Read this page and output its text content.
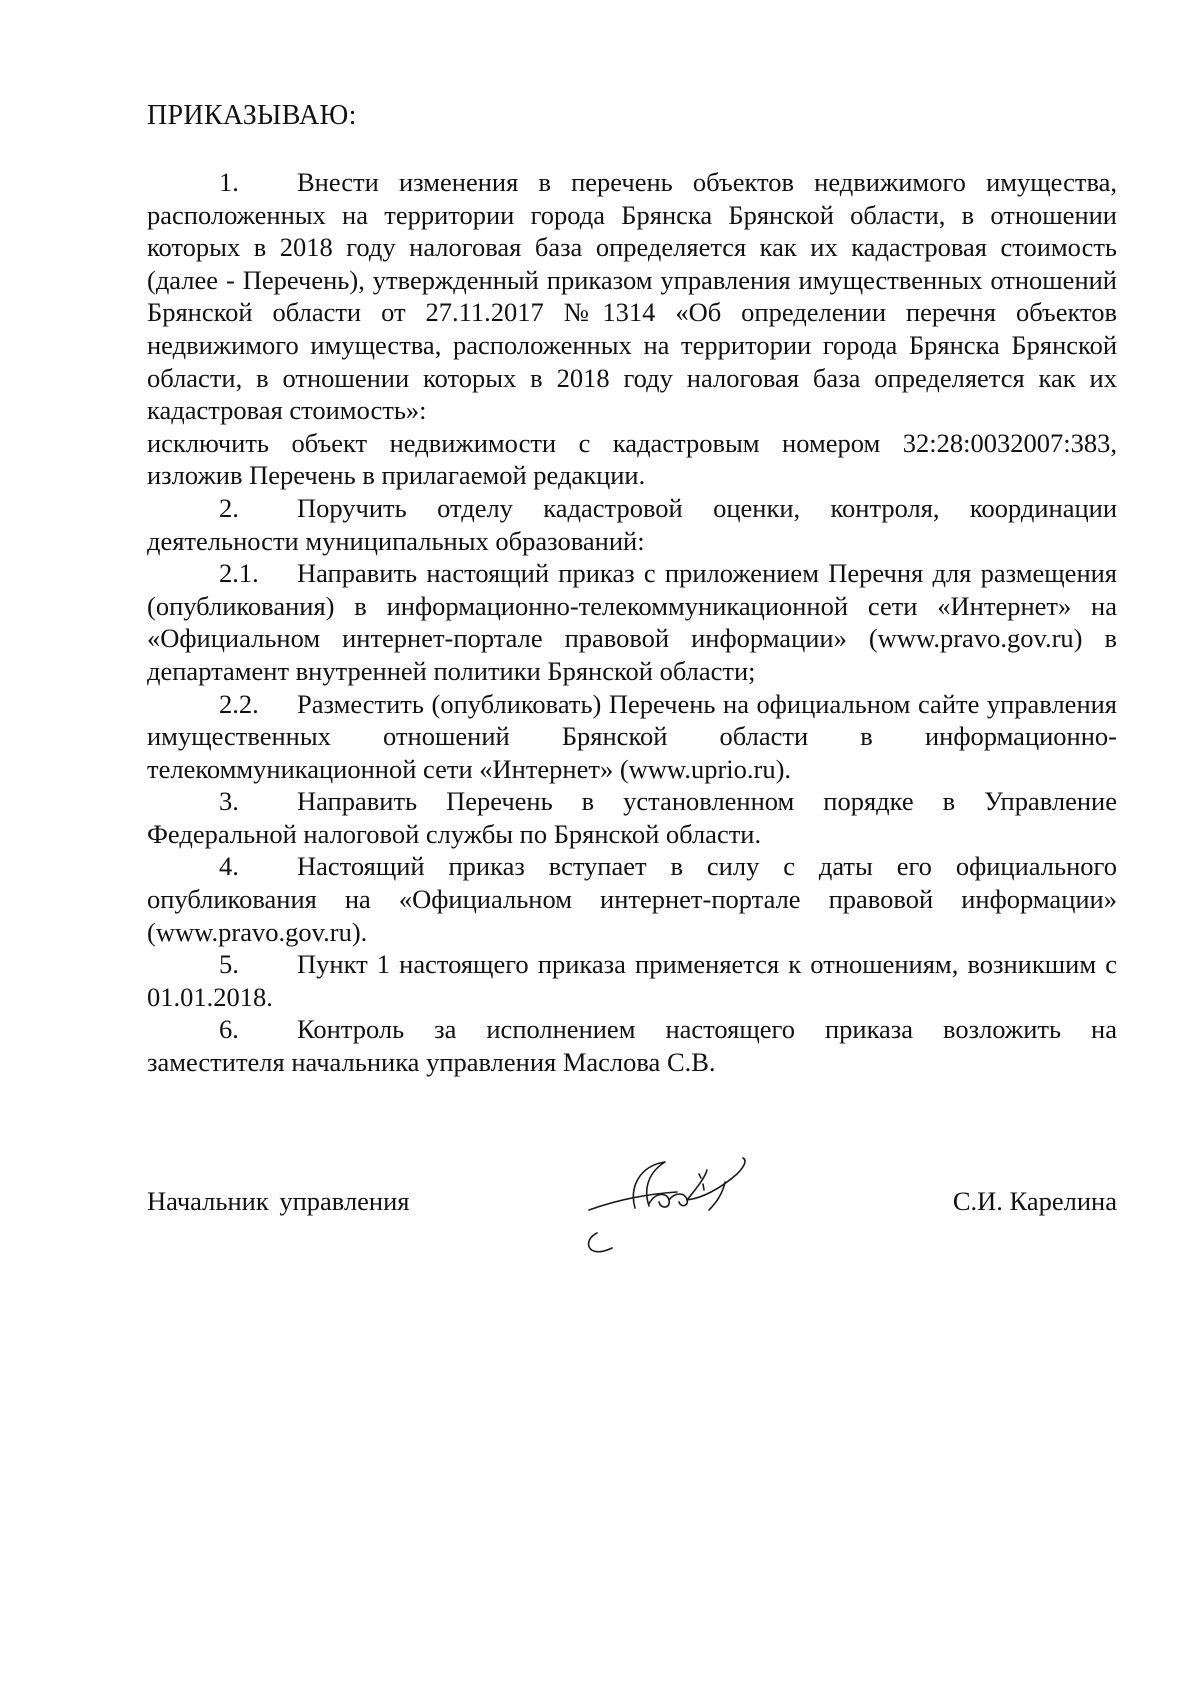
ПРИКАЗЫВАЮ:

1. Внести изменения в перечень объектов недвижимого имущества, расположенных на территории города Брянска Брянской области, в отношении которых в 2018 году налоговая база определяется как их кадастровая стоимость (далее - Перечень), утвержденный приказом управления имущественных отношений Брянской области от 27.11.2017 №1314 «Об определении перечня объектов недвижимого имущества, расположенных на территории города Брянска Брянской области, в отношении которых в 2018 году налоговая база определяется как их кадастровая стоимость»:

исключить объект недвижимости с кадастровым номером 32:28:0032007:383, изложив Перечень в прилагаемой редакции.

2. Поручить отделу кадастровой оценки, контроля, координации деятельности муниципальных образований:

2.1. Направить настоящий приказ с приложением Перечня для размещения (опубликования) в информационно-телекоммуникационной сети «Интернет» на «Официальном интернет-портале правовой информации» (www.pravo.gov.ru) в департамент внутренней политики Брянской области;

2.2. Разместить (опубликовать) Перечень на официальном сайте управления имущественных отношений Брянской области в информационно-телекоммуникационной сети «Интернет» (www.uprio.ru).

3. Направить Перечень в установленном порядке в Управление Федеральной налоговой службы по Брянской области.

4. Настоящий приказ вступает в силу с даты его официального опубликования на «Официальном интернет-портале правовой информации» (www.pravo.gov.ru).

5. Пункт 1 настоящего приказа применяется к отношениям, возникшим с 01.01.2018.

6. Контроль за исполнением настоящего приказа возложить на заместителя начальника управления Маслова С.В.

Начальник управления	С.И. Карелина
